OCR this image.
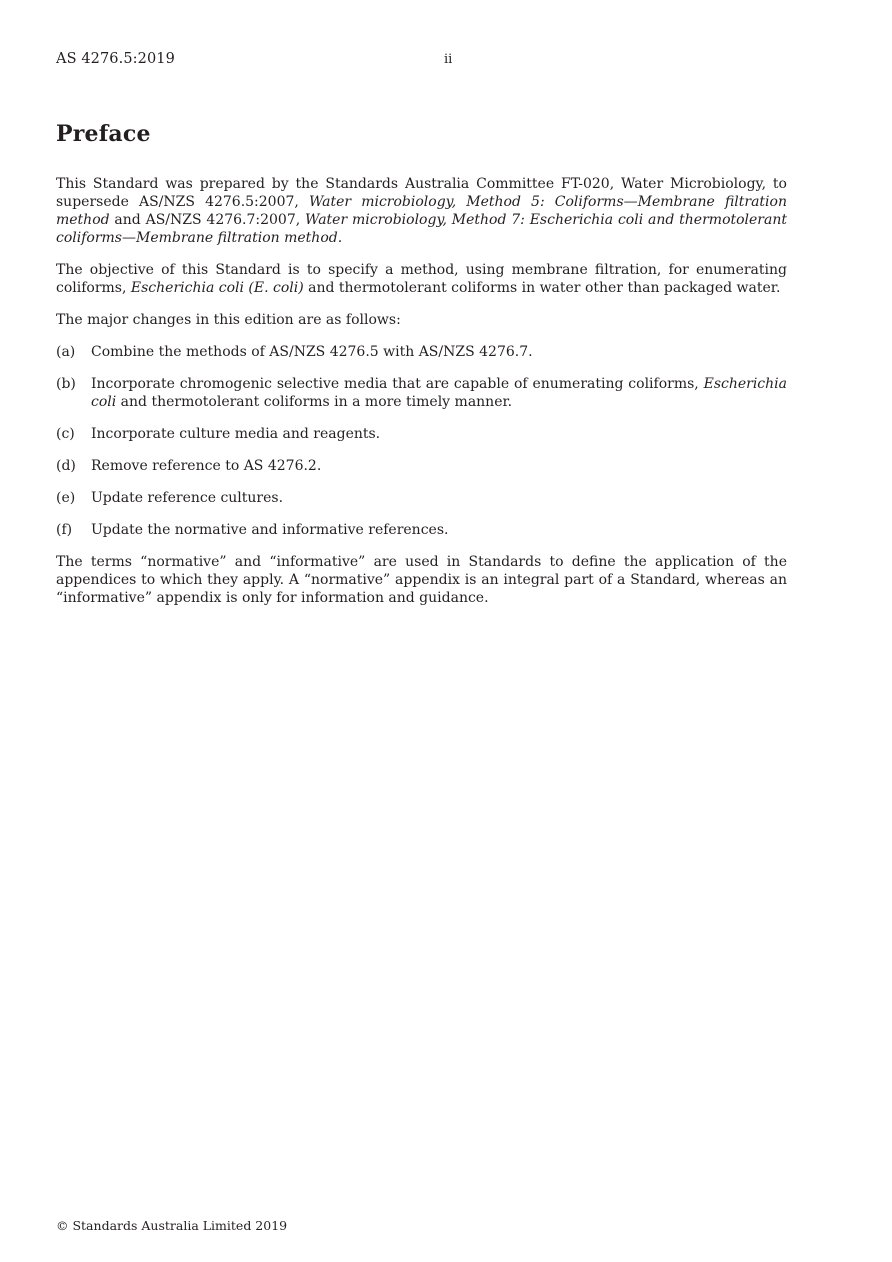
AS 4276.5:2019	ii
Preface

This Standard was prepared by the Standards Australia Committee FT-020, Water Microbiology, to supersede AS/NZS 4276.5:2007, Water microbiology, Method 5: Coliforms—Membrane filtration method and AS/NZS 4276.7:2007, Water microbiology, Method 7: Escherichia coli and thermotolerant coliforms—Membrane filtration method.

The objective of this Standard is to specify a method, using membrane filtration, for enumerating coliforms, Escherichia coli (E. coli) and thermotolerant coliforms in water other than packaged water.

The major changes in this edition are as follows:

(a)	Combine the methods of AS/NZS 4276.5 with AS/NZS 4276.7.
(b)	Incorporate chromogenic selective media that are capable of enumerating coliforms, Escherichia coli and thermotolerant coliforms in a more timely manner.
(c)	Incorporate culture media and reagents.
(d)	Remove reference to AS 4276.2.
(e)	Update reference cultures.
(f)	Update the normative and informative references.

The terms “normative” and “informative” are used in Standards to define the application of the appendices to which they apply. A “normative” appendix is an integral part of a Standard, whereas an “informative” appendix is only for information and guidance.

© Standards Australia Limited 2019
